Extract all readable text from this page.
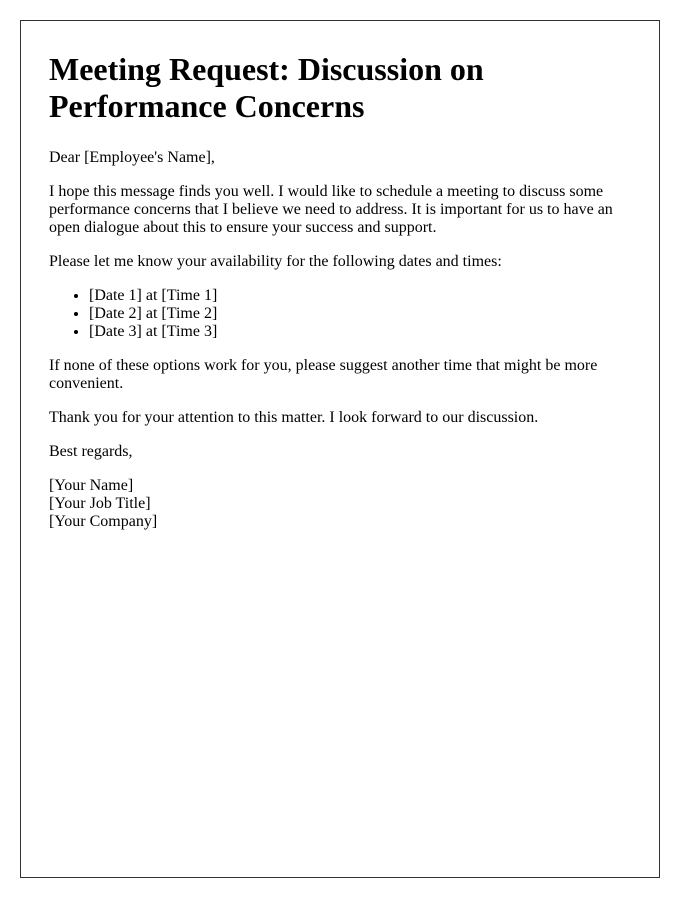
Meeting Request: Discussion on
Performance Concerns

Dear [Employee's Name],

I hope this message finds you well. I would like to schedule a meeting to discuss some performance concerns that I believe we need to address. It is important for us to have an open dialogue about this to ensure your success and support.

Please let me know your availability for the following dates and times:

• [Date 1] at [Time 1]
• [Date 2] at [Time 2]
• [Date 3] at [Time 3]

If none of these options work for you, please suggest another time that might be more convenient.

Thank you for your attention to this matter. I look forward to our discussion.

Best regards,

[Your Name]
[Your Job Title]
[Your Company]
